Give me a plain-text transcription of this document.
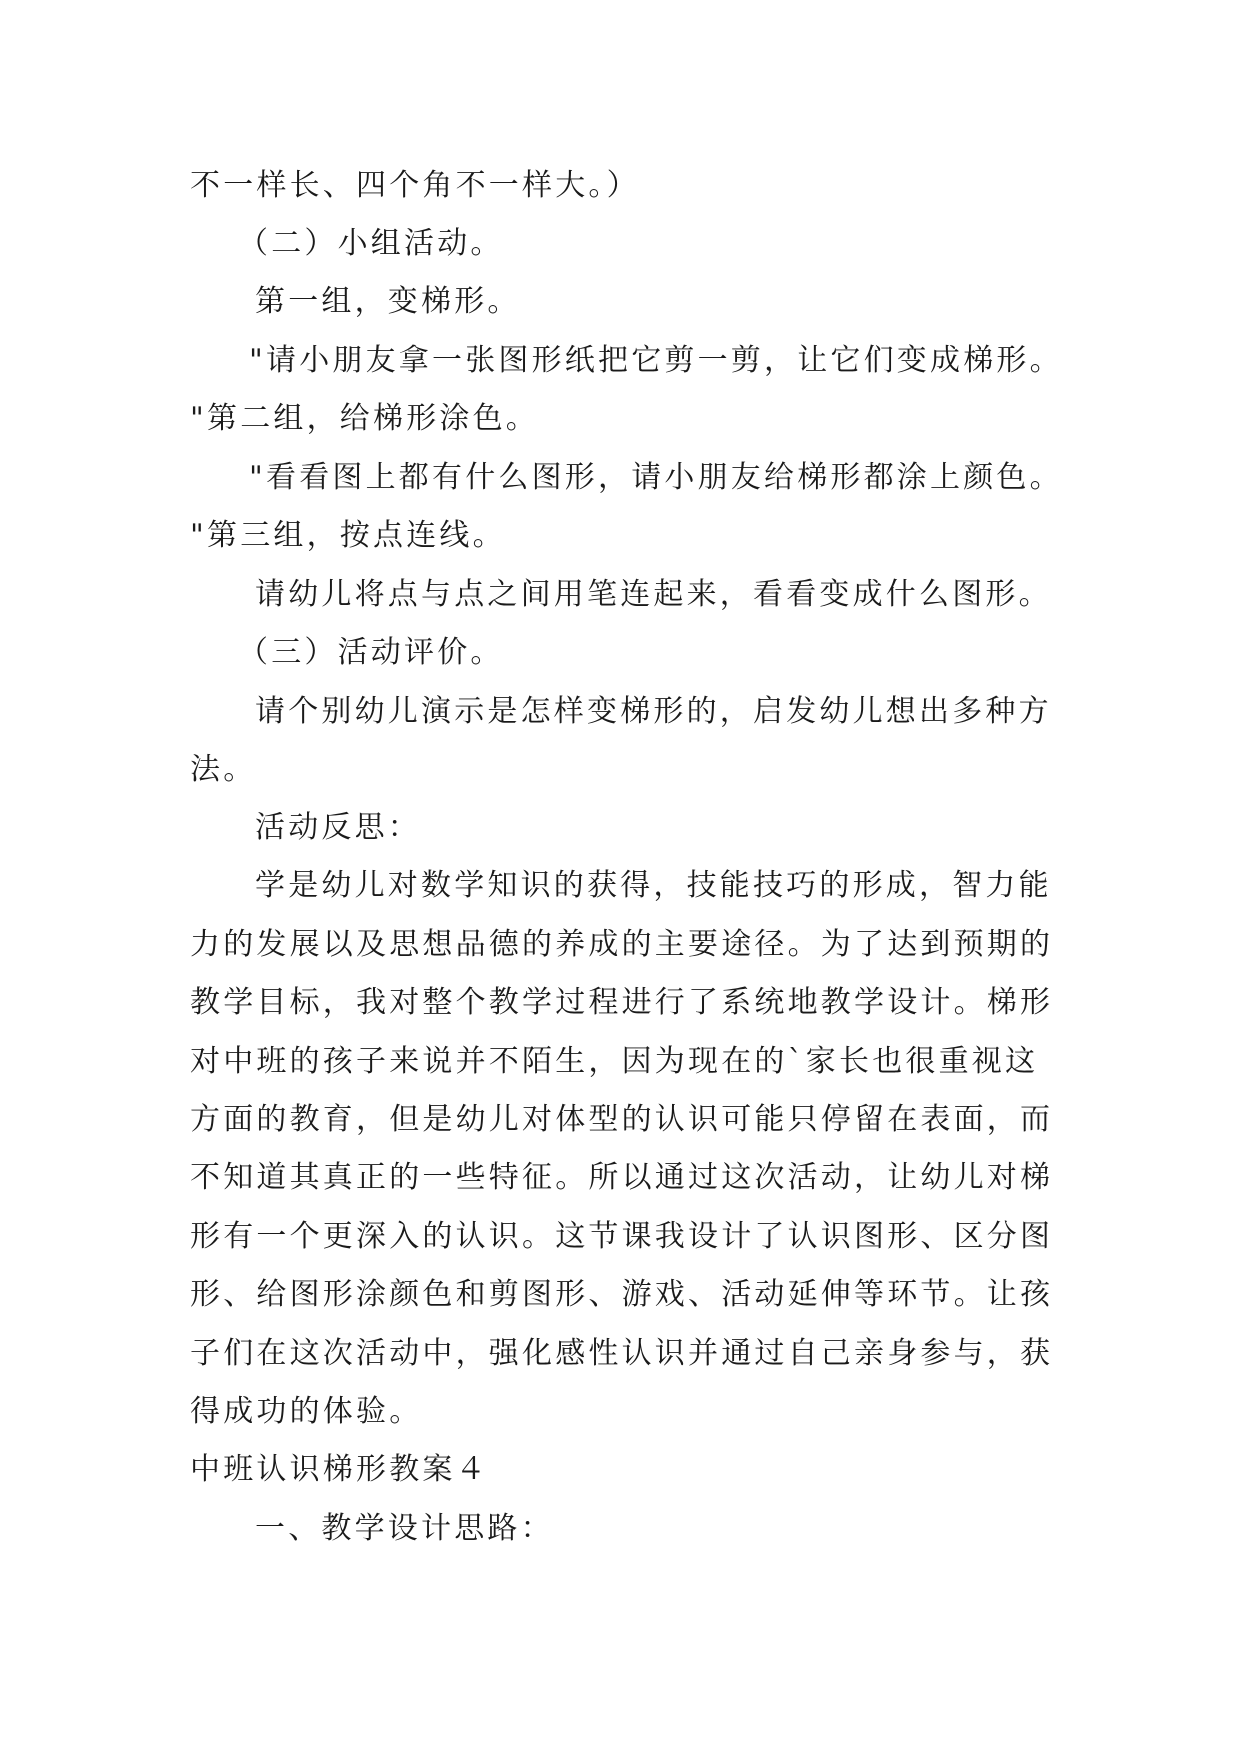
不一样长、四个角不一样大。）
（二）小组活动。
第一组，变梯形。
"请小朋友拿一张图形纸把它剪一剪，让它们变成梯形。
"第二组，给梯形涂色。
"看看图上都有什么图形，请小朋友给梯形都涂上颜色。
"第三组，按点连线。
请幼儿将点与点之间用笔连起来，看看变成什么图形。
（三）活动评价。
请个别幼儿演示是怎样变梯形的，启发幼儿想出多种方
法。
活动反思：
学是幼儿对数学知识的获得，技能技巧的形成，智力能
力的发展以及思想品德的养成的主要途径。为了达到预期的
教学目标，我对整个教学过程进行了系统地教学设计。梯形
对中班的孩子来说并不陌生，因为现在的`家长也很重视这
方面的教育，但是幼儿对体型的认识可能只停留在表面，而
不知道其真正的一些特征。所以通过这次活动，让幼儿对梯
形有一个更深入的认识。这节课我设计了认识图形、区分图
形、给图形涂颜色和剪图形、游戏、活动延伸等环节。让孩
子们在这次活动中，强化感性认识并通过自己亲身参与，获
得成功的体验。
中班认识梯形教案４
一、教学设计思路：
